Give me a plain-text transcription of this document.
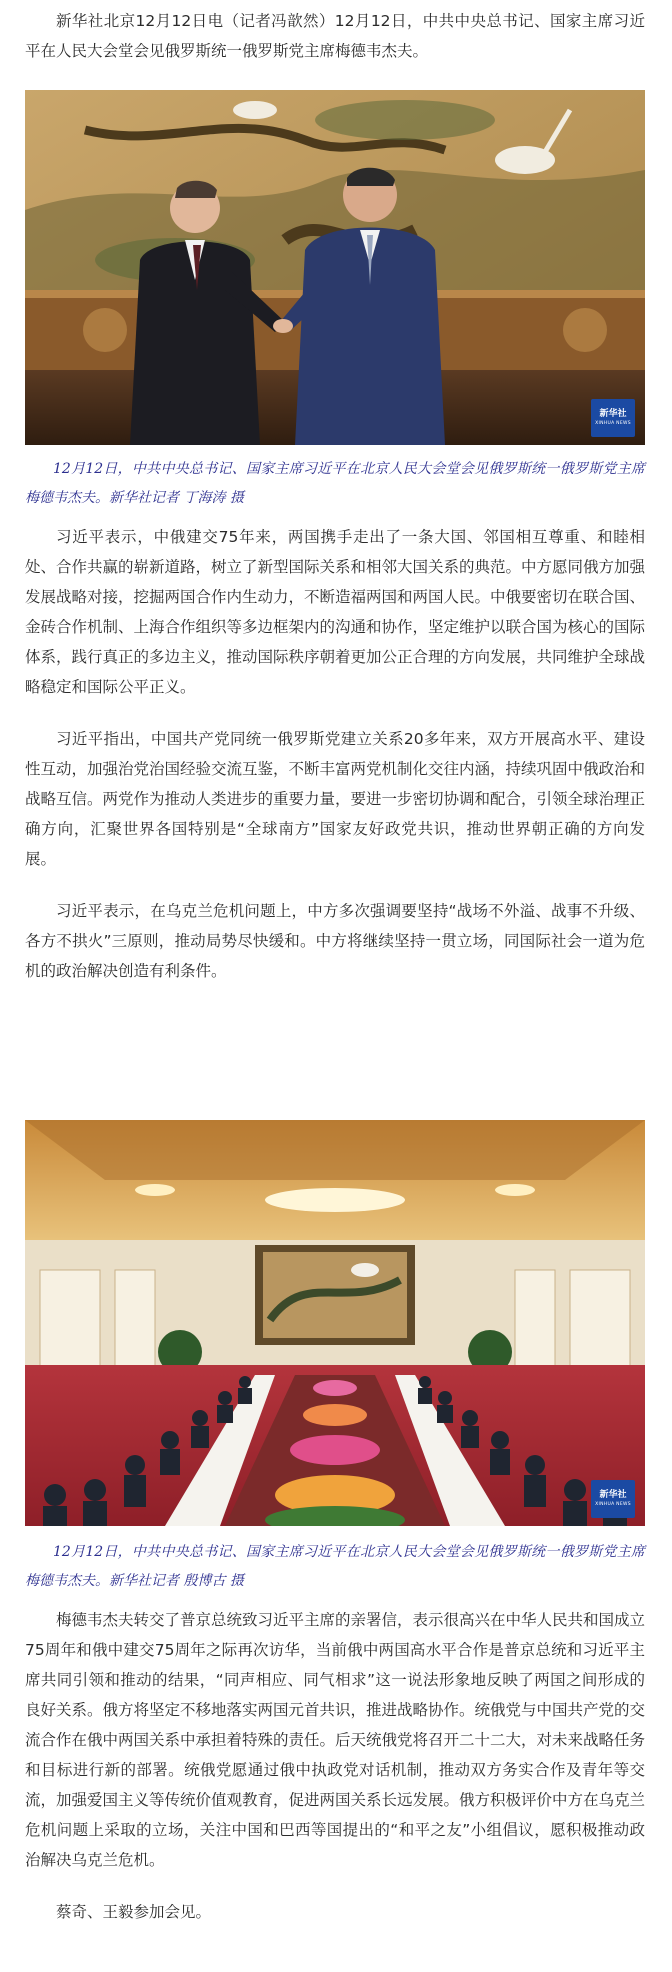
新华社北京12月12日电（记者冯歆然）12月12日，中共中央总书记、国家主席习近平在人民大会堂会见俄罗斯统一俄罗斯党主席梅德韦杰夫。

新华社
XINHUA NEWS

12月12日，中共中央总书记、国家主席习近平在北京人民大会堂会见俄罗斯统一俄罗斯党主席梅德韦杰夫。新华社记者 丁海涛 摄

习近平表示，中俄建交75年来，两国携手走出了一条大国、邻国相互尊重、和睦相处、合作共赢的崭新道路，树立了新型国际关系和相邻大国关系的典范。中方愿同俄方加强发展战略对接，挖掘两国合作内生动力，不断造福两国和两国人民。中俄要密切在联合国、金砖合作机制、上海合作组织等多边框架内的沟通和协作，坚定维护以联合国为核心的国际体系，践行真正的多边主义，推动国际秩序朝着更加公正合理的方向发展，共同维护全球战略稳定和国际公平正义。

习近平指出，中国共产党同统一俄罗斯党建立关系20多年来，双方开展高水平、建设性互动，加强治党治国经验交流互鉴，不断丰富两党机制化交往内涵，持续巩固中俄政治和战略互信。两党作为推动人类进步的重要力量，要进一步密切协调和配合，引领全球治理正确方向，汇聚世界各国特别是“全球南方”国家友好政党共识，推动世界朝正确的方向发展。

习近平表示，在乌克兰危机问题上，中方多次强调要坚持“战场不外溢、战事不升级、各方不拱火”三原则，推动局势尽快缓和。中方将继续坚持一贯立场，同国际社会一道为危机的政治解决创造有利条件。

新华社
XINHUA NEWS

12月12日，中共中央总书记、国家主席习近平在北京人民大会堂会见俄罗斯统一俄罗斯党主席梅德韦杰夫。新华社记者 殷博古 摄

梅德韦杰夫转交了普京总统致习近平主席的亲署信，表示很高兴在中华人民共和国成立75周年和俄中建交75周年之际再次访华，当前俄中两国高水平合作是普京总统和习近平主席共同引领和推动的结果，“同声相应、同气相求”这一说法形象地反映了两国之间形成的良好关系。俄方将坚定不移地落实两国元首共识，推进战略协作。统俄党与中国共产党的交流合作在俄中两国关系中承担着特殊的责任。后天统俄党将召开二十二大，对未来战略任务和目标进行新的部署。统俄党愿通过俄中执政党对话机制，推动双方务实合作及青年等交流，加强爱国主义等传统价值观教育，促进两国关系长远发展。俄方积极评价中方在乌克兰危机问题上采取的立场，关注中国和巴西等国提出的“和平之友”小组倡议，愿积极推动政治解决乌克兰危机。

蔡奇、王毅参加会见。
